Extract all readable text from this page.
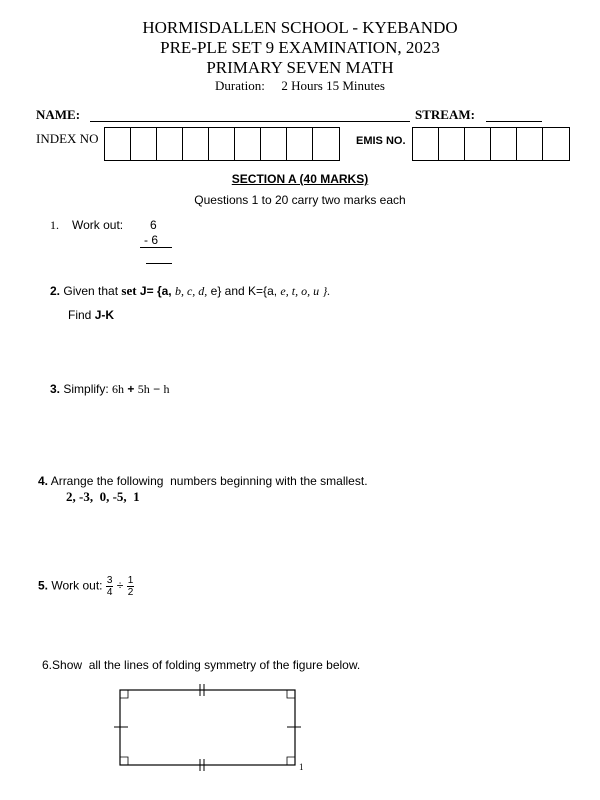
HORMISDALLEN SCHOOL - KYEBANDO
PRE-PLE SET 9 EXAMINATION, 2023
PRIMARY SEVEN MATH
Duration: 2 Hours 15 Minutes
NAME:	STREAM:
INDEX NO	EMIS NO.
SECTION A (40 MARKS)
Questions 1 to 20 carry two marks each
1. Work out: 6
- 6
2. Given that set J= {a, b, c, d, e} and K={a, e, t, o, u }.
Find J-K
3. Simplify: 6h + 5h − h
4. Arrange the following  numbers beginning with the smallest.
2, -3,  0, -5,  1
5. Work out: $\frac{3}{4} \div \frac{1}{2}$
6.Show  all the lines of folding symmetry of the figure below.
1
